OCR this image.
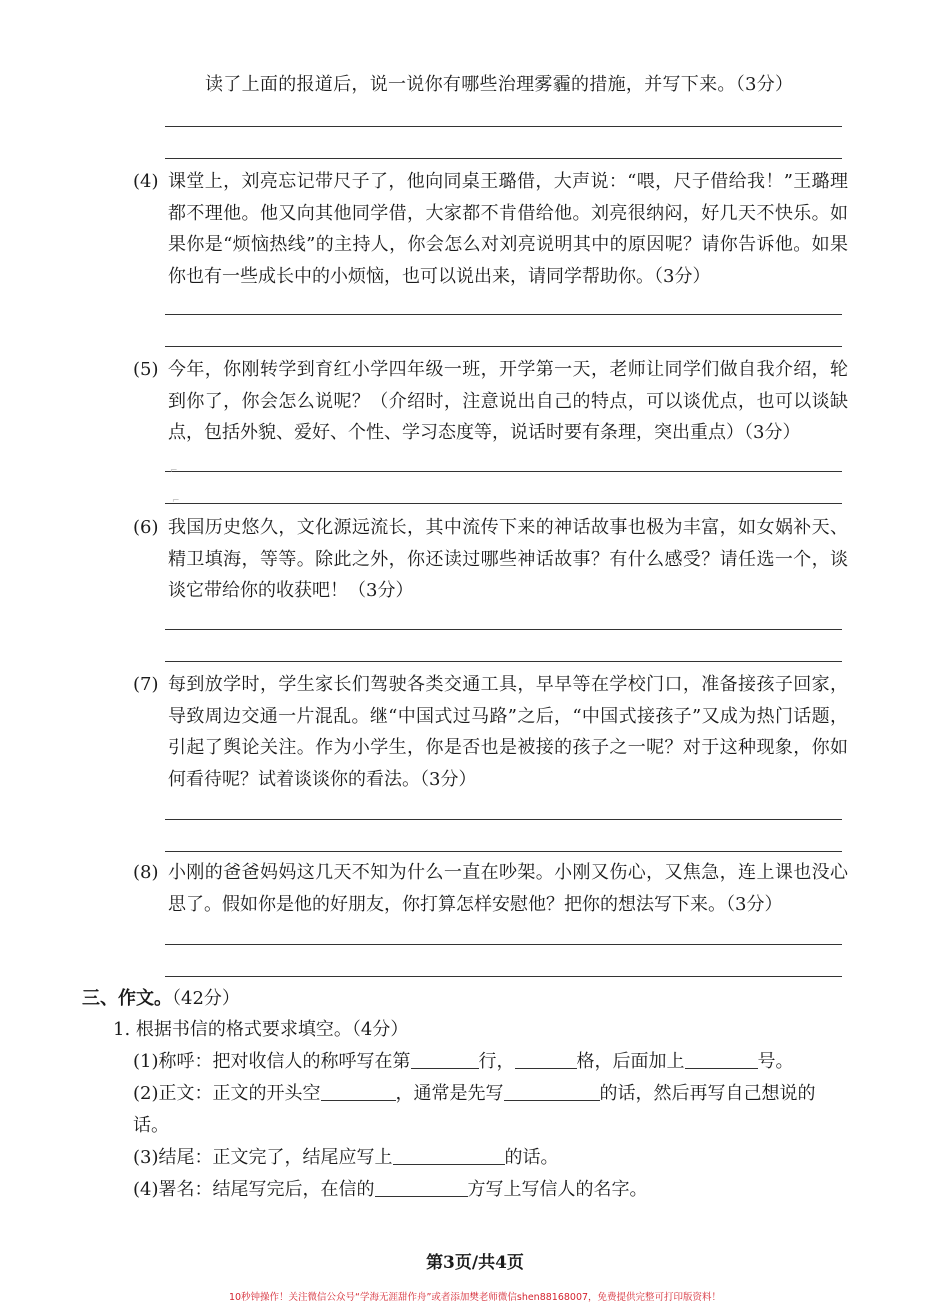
读了上面的报道后，说一说你有哪些治理雾霾的措施，并写下来。（3分）
(4) 课堂上，刘亮忘记带尺子了，他向同桌王璐借，大声说：“喂，尺子借给我！”王璐理都不理他。他又向其他同学借，大家都不肯借给他。刘亮很纳闷，好几天不快乐。如果你是“烦恼热线”的主持人，你会怎么对刘亮说明其中的原因呢？请你告诉他。如果你也有一些成长中的小烦恼，也可以说出来，请同学帮助你。（3分）
(5) 今年，你刚转学到育红小学四年级一班，开学第一天，老师让同学们做自我介绍，轮到你了，你会怎么说呢？（介绍时，注意说出自己的特点，可以谈优点，也可以谈缺点，包括外貌、爱好、个性、学习态度等，说话时要有条理，突出重点）（3分）
⌐
⌐
(6) 我国历史悠久，文化源远流长，其中流传下来的神话故事也极为丰富，如女娲补天、精卫填海，等等。除此之外，你还读过哪些神话故事？有什么感受？请任选一个，谈谈它带给你的收获吧！（3分）
(7) 每到放学时，学生家长们驾驶各类交通工具，早早等在学校门口，准备接孩子回家，导致周边交通一片混乱。继“中国式过马路”之后，“中国式接孩子”又成为热门话题，引起了舆论关注。作为小学生，你是否也是被接的孩子之一呢？对于这种现象，你如何看待呢？试着谈谈你的看法。（3分）
(8) 小刚的爸爸妈妈这几天不知为什么一直在吵架。小刚又伤心，又焦急，连上课也没心思了。假如你是他的好朋友，你打算怎样安慰他？把你的想法写下来。（3分）
三、作文。（42分）
1. 根据书信的格式要求填空。（4分）
(1)称呼：把对收信人的称呼写在第	行，	格，后面加上	号。
(2)正文：正文的开头空	，通常是先写	的话，然后再写自己想说的
话。
(3)结尾：正文完了，结尾应写上	的话。
(4)署名：结尾写完后，在信的	方写上写信人的名字。
第3页/共4页
10秒钟操作！关注微信公众号“学海无涯甜作舟”或者添加樊老师微信shen88168007，免费提供完整可打印版资料！
